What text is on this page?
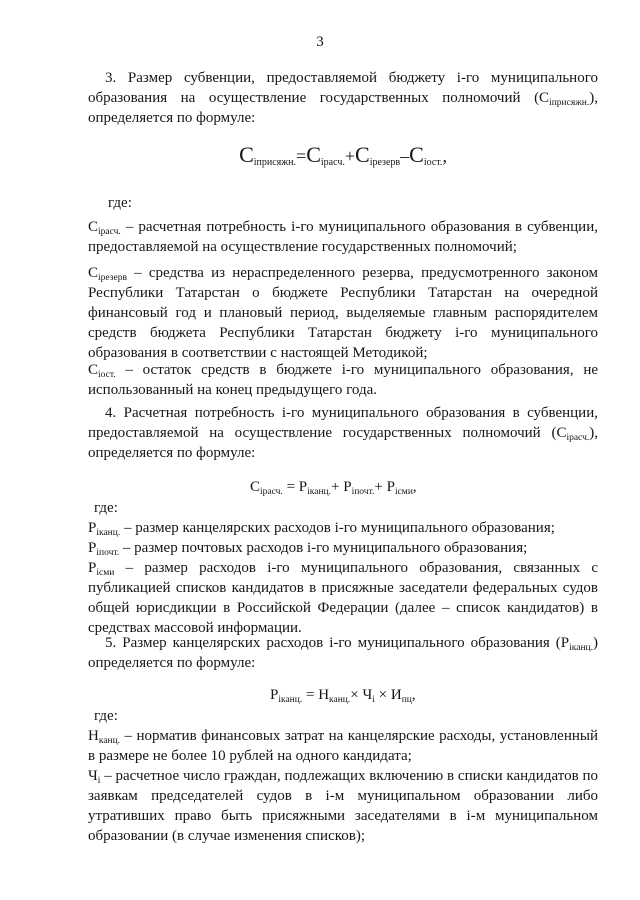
3

3. Размер субвенции, предоставляемой бюджету i-го муниципального образования на осуществление государственных полномочий $(С_{iприсяжн.})$, определяется по формуле:

$C_{iприсяжн.}=C_{iрасч.}+C_{iрезерв}-C_{iост.}$,

где:

$C_{iрасч.}$ – расчетная потребность i-го муниципального образования в субвенции, предоставляемой на осуществление государственных полномочий;

$C_{iрезерв}$ – средства из нераспределенного резерва, предусмотренного законом Республики Татарстан о бюджете Республики Татарстан на очередной финансовый год и плановый период, выделяемые главным распорядителем средств бюджета Республики Татарстан бюджету i-го муниципального образования в соответствии с настоящей Методикой;

$C_{iост.}$ – остаток средств в бюджете i-го муниципального образования, не использованный на конец предыдущего года.

4. Расчетная потребность i-го муниципального образования в субвенции, предоставляемой на осуществление государственных полномочий $(С_{iрасч.})$, определяется по формуле:

$C_{iрасч.} = P_{iканц.}+ P_{iпочт.}+ P_{iсми}$,

где:

$P_{iканц.}$ – размер канцелярских расходов i-го муниципального образования;

$P_{iпочт.}$ – размер почтовых расходов i-го муниципального образования;

$P_{iсми}$ – размер расходов i-го муниципального образования, связанных с публикацией списков кандидатов в присяжные заседатели федеральных судов общей юрисдикции в Российской Федерации (далее – список кандидатов) в средствах массовой информации.

5. Размер канцелярских расходов i-го муниципального образования $(P_{iканц.})$ определяется по формуле:

$P_{iканц.} = Н_{канц.}\times Ч_i \times И_{пц}$,

где:

$Н_{канц.}$ – норматив финансовых затрат на канцелярские расходы, установленный в размере не более 10 рублей на одного кандидата;

$Ч_i$ – расчетное число граждан, подлежащих включению в списки кандидатов по заявкам председателей судов в i-м муниципальном образовании либо утративших право быть присяжными заседателями в i-м муниципальном образовании (в случае изменения списков);
